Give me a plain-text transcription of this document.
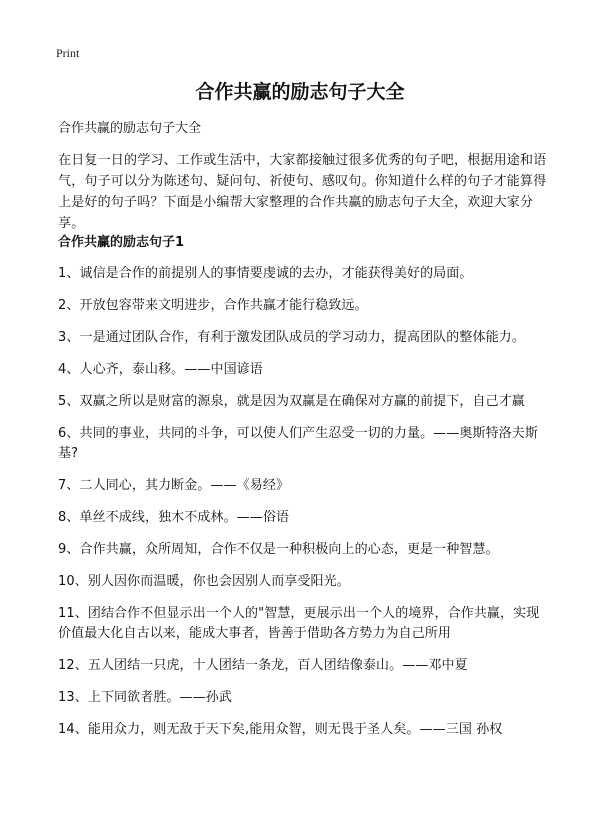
Print
合作共赢的励志句子大全
合作共赢的励志句子大全

在日复一日的学习、工作或生活中，大家都接触过很多优秀的句子吧，根据用途和语气，句子可以分为陈述句、疑问句、祈使句、感叹句。你知道什么样的句子才能算得上是好的句子吗？下面是小编帮大家整理的合作共赢的励志句子大全，欢迎大家分享。

合作共赢的励志句子1
1、诚信是合作的前提别人的事情要虔诚的去办，才能获得美好的局面。
2、开放包容带来文明进步，合作共赢才能行稳致远。
3、一是通过团队合作，有利于激发团队成员的学习动力，提高团队的整体能力。
4、人心齐，泰山移。——中国谚语
5、双赢之所以是财富的源泉，就是因为双赢是在确保对方赢的前提下，自己才赢
6、共同的事业，共同的斗争，可以使人们产生忍受一切的力量。——奥斯特洛夫斯基?
7、二人同心，其力断金。——《易经》
8、单丝不成线，独木不成林。——俗语
9、合作共赢，众所周知，合作不仅是一种积极向上的心态，更是一种智慧。
10、别人因你而温暖，你也会因别人而享受阳光。
11、团结合作不但显示出一个人的"智慧，更展示出一个人的境界，合作共赢，实现价值最大化自古以来，能成大事者，皆善于借助各方势力为自己所用
12、五人团结一只虎，十人团结一条龙，百人团结像泰山。——邓中夏
13、上下同欲者胜。——孙武
14、能用众力，则无敌于天下矣,能用众智，则无畏于圣人矣。——三国 孙权
